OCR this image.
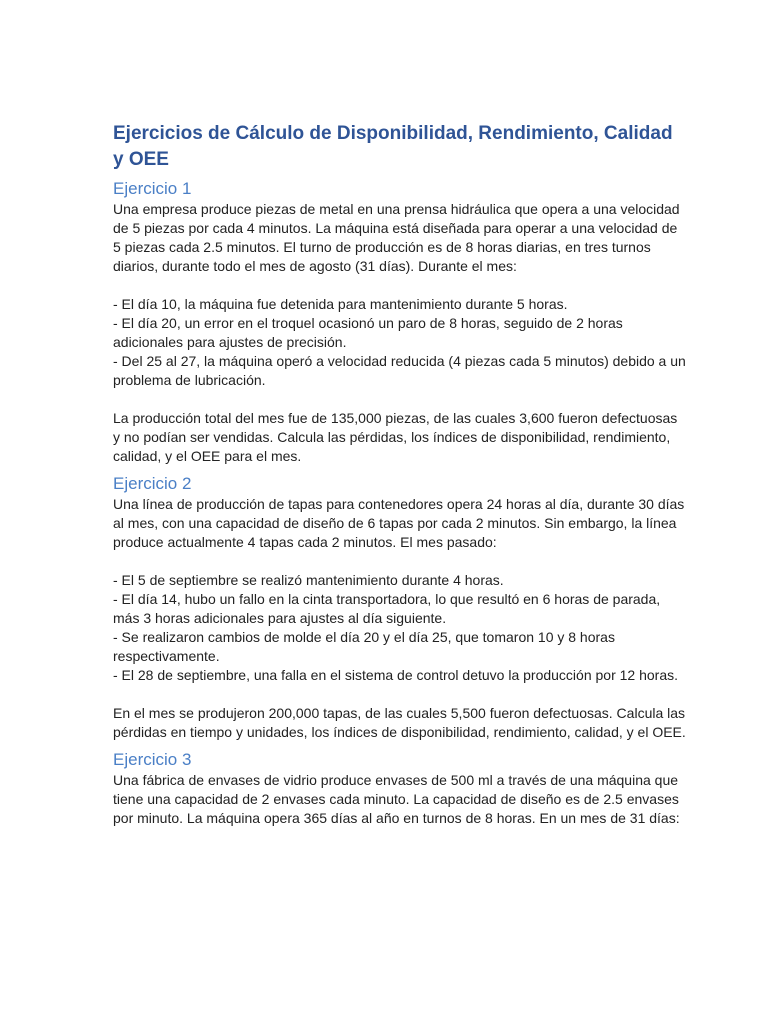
Ejercicios de Cálculo de Disponibilidad, Rendimiento, Calidad y OEE
Ejercicio 1

Una empresa produce piezas de metal en una prensa hidráulica que opera a una velocidad de 5 piezas por cada 4 minutos. La máquina está diseñada para operar a una velocidad de 5 piezas cada 2.5 minutos. El turno de producción es de 8 horas diarias, en tres turnos diarios, durante todo el mes de agosto (31 días). Durante el mes:

- El día 10, la máquina fue detenida para mantenimiento durante 5 horas.

- El día 20, un error en el troquel ocasionó un paro de 8 horas, seguido de 2 horas adicionales para ajustes de precisión.

- Del 25 al 27, la máquina operó a velocidad reducida (4 piezas cada 5 minutos) debido a un problema de lubricación.

La producción total del mes fue de 135,000 piezas, de las cuales 3,600 fueron defectuosas y no podían ser vendidas. Calcula las pérdidas, los índices de disponibilidad, rendimiento, calidad, y el OEE para el mes.

Ejercicio 2

Una línea de producción de tapas para contenedores opera 24 horas al día, durante 30 días al mes, con una capacidad de diseño de 6 tapas por cada 2 minutos. Sin embargo, la línea produce actualmente 4 tapas cada 2 minutos. El mes pasado:

- El 5 de septiembre se realizó mantenimiento durante 4 horas.

- El día 14, hubo un fallo en la cinta transportadora, lo que resultó en 6 horas de parada, más 3 horas adicionales para ajustes al día siguiente.

- Se realizaron cambios de molde el día 20 y el día 25, que tomaron 10 y 8 horas respectivamente.

- El 28 de septiembre, una falla en el sistema de control detuvo la producción por 12 horas.

En el mes se produjeron 200,000 tapas, de las cuales 5,500 fueron defectuosas. Calcula las pérdidas en tiempo y unidades, los índices de disponibilidad, rendimiento, calidad, y el OEE.

Ejercicio 3

Una fábrica de envases de vidrio produce envases de 500 ml a través de una máquina que tiene una capacidad de 2 envases cada minuto. La capacidad de diseño es de 2.5 envases por minuto. La máquina opera 365 días al año en turnos de 8 horas. En un mes de 31 días:
